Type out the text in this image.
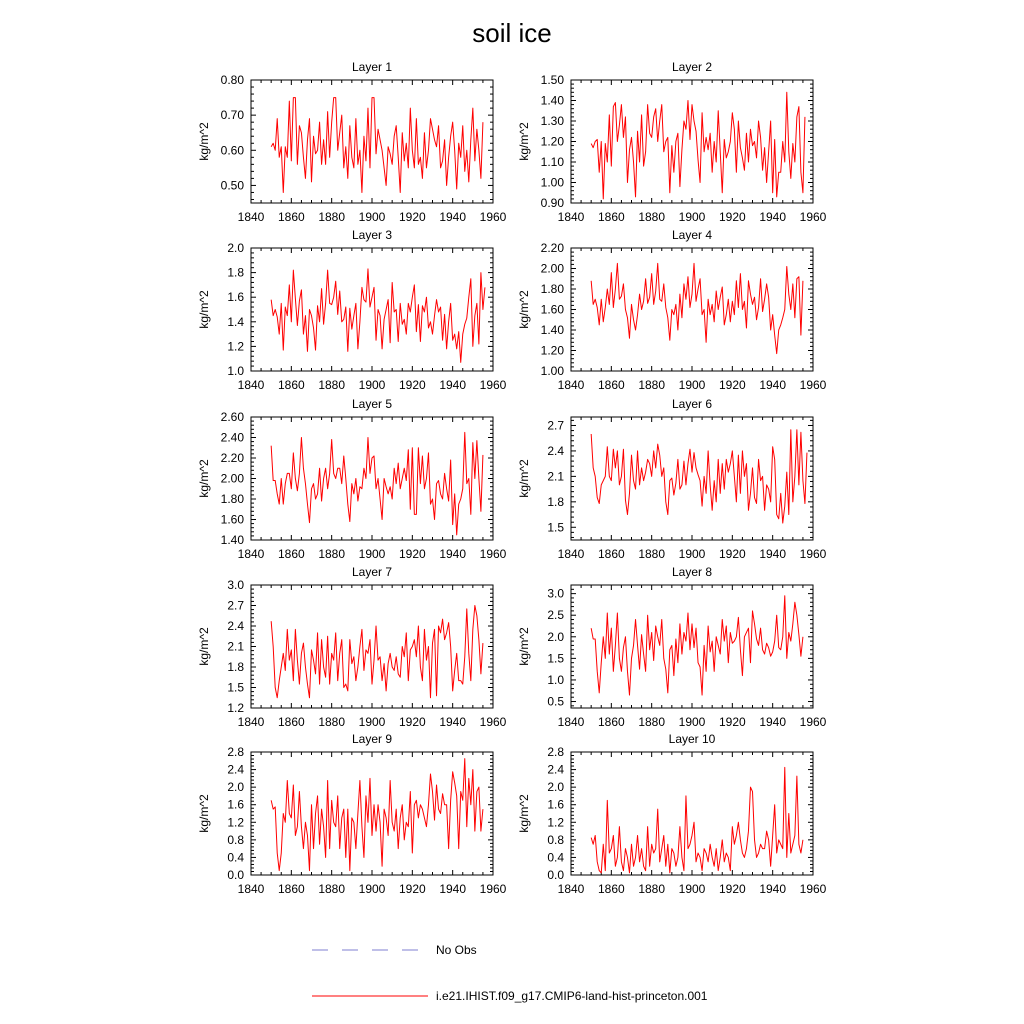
soil ice
Layer 1
kg/m^2
1840 1860 1880 1900 1920 1940 1960
0.50
0.60
0.70
0.80
Layer 2
kg/m^2
1840 1860 1880 1900 1920 1940 1960
0.90
1.00
1.10
1.20
1.30
1.40
1.50
Layer 3
kg/m^2
1840 1860 1880 1900 1920 1940 1960
1.0
1.2
1.4
1.6
1.8
2.0
Layer 4
kg/m^2
1840 1860 1880 1900 1920 1940 1960
1.00
1.20
1.40
1.60
1.80
2.00
2.20
Layer 5
kg/m^2
1840 1860 1880 1900 1920 1940 1960
1.40
1.60
1.80
2.00
2.20
2.40
2.60
Layer 6
kg/m^2
1840 1860 1880 1900 1920 1940 1960
1.5
1.8
2.1
2.4
2.7
Layer 7
kg/m^2
1840 1860 1880 1900 1920 1940 1960
1.2
1.5
1.8
2.1
2.4
2.7
3.0
Layer 8
kg/m^2
1840 1860 1880 1900 1920 1940 1960
0.5
1.0
1.5
2.0
2.5
3.0
Layer 9
kg/m^2
1840 1860 1880 1900 1920 1940 1960
0.0
0.4
0.8
1.2
1.6
2.0
2.4
2.8
Layer 10
kg/m^2
1840 1860 1880 1900 1920 1940 1960
0.0
0.4
0.8
1.2
1.6
2.0
2.4
2.8
No Obs
i.e21.IHIST.f09_g17.CMIP6-land-hist-princeton.001
